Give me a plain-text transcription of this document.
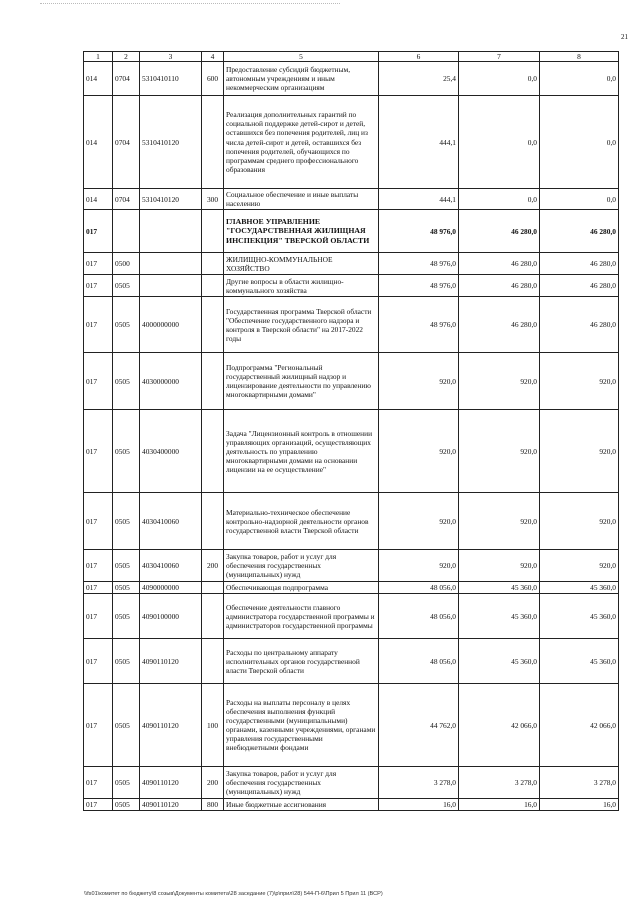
21
1	2	3	4	5	6	7	8
014	0704	5310410110	600	Предоставление субсидий бюджетным, автономным учреждениям и иным некоммерческим организациям	25,4	0,0	0,0
014	0704	5310410120		Реализация дополнительных гарантий по социальной поддержке детей-сирот и детей, оставшихся без попечения родителей, лиц из числа детей-сирот и детей, оставшихся без попечения родителей, обучающихся по программам среднего профессионального образования	444,1	0,0	0,0
014	0704	5310410120	300	Социальное обеспечение и иные выплаты населению	444,1	0,0	0,0
017				ГЛАВНОЕ УПРАВЛЕНИЕ "ГОСУДАРСТВЕННАЯ ЖИЛИЩНАЯ ИНСПЕКЦИЯ" ТВЕРСКОЙ ОБЛАСТИ	48 976,0	46 280,0	46 280,0
017	0500			ЖИЛИЩНО-КОММУНАЛЬНОЕ ХОЗЯЙСТВО	48 976,0	46 280,0	46 280,0
017	0505			Другие вопросы в области жилищно-коммунального хозяйства	48 976,0	46 280,0	46 280,0
017	0505	4000000000		Государственная программа Тверской области "Обеспечение государственного надзора и контроля в Тверской области" на 2017-2022 годы	48 976,0	46 280,0	46 280,0
017	0505	4030000000		Подпрограмма "Региональный государственный жилищный надзор и лицензирование деятельности по управлению многоквартирными домами"	920,0	920,0	920,0
017	0505	4030400000		Задача "Лицензионный контроль в отношении управляющих организаций, осуществляющих деятельность по управлению многоквартирными домами на основании лицензии на ее осуществление"	920,0	920,0	920,0
017	0505	4030410060		Материально-техническое обеспечение контрольно-надзорной деятельности органов государственной власти Тверской области	920,0	920,0	920,0
017	0505	4030410060	200	Закупка товаров, работ и услуг для обеспечения государственных (муниципальных) нужд	920,0	920,0	920,0
017	0505	4090000000		Обеспечивающая подпрограмма	48 056,0	45 360,0	45 360,0
017	0505	4090100000		Обеспечение деятельности главного администратора государственной программы и администраторов государственной программы	48 056,0	45 360,0	45 360,0
017	0505	4090110120		Расходы по центральному аппарату исполнительных органов государственной власти Тверской области	48 056,0	45 360,0	45 360,0
017	0505	4090110120	100	Расходы на выплаты персоналу в целях обеспечения выполнения функций государственными (муниципальными) органами, казенными учреждениями, органами управления государственными внебюджетными фондами	44 762,0	42 066,0	42 066,0
017	0505	4090110120	200	Закупка товаров, работ и услуг для обеспечения государственных (муниципальных) нужд	3 278,0	3 278,0	3 278,0
017	0505	4090110120	800	Иные бюджетные ассигнования	16,0	16,0	16,0
\\fs01\комитет по бюджету\8 созыв\Документы комитета\28 заседание (7)\р\прил\28) 544-П-6\Прил 5 Прил 11 (ВСР)
